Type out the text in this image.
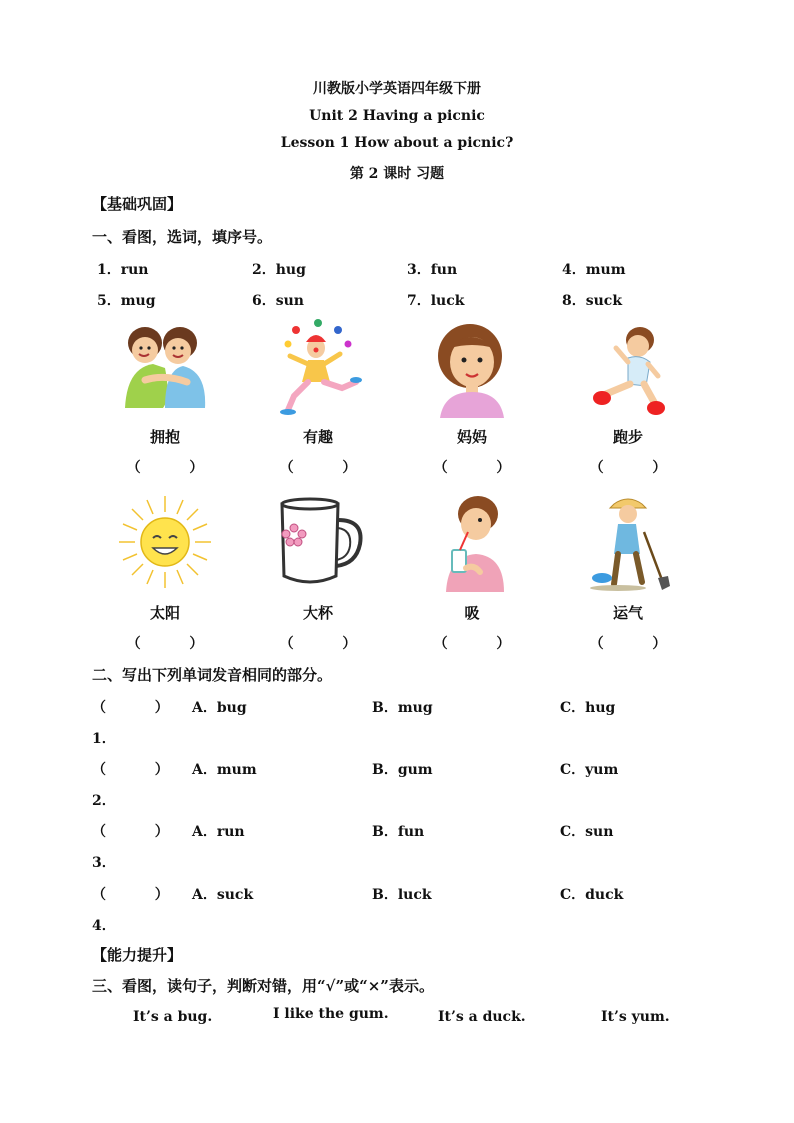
川教版小学英语四年级下册
Unit 2 Having a picnic
Lesson 1 How about a picnic?
第 2 课时 习题
【基础巩固】
一、看图，选词，填序号。
1．run	2．hug	3．fun	4．mum
5．mug	6．sun	7．luck	8．suck
拥抱	有趣	妈妈	跑步
（          ）	（          ）	（          ）	（          ）
太阳	大杯	吸	运气
（          ）	（          ）	（          ）	（          ）
二、写出下列单词发音相同的部分。
（          ） A．bug	B．mug	C．hug
1．
（          ） A．mum	B．gum	C．yum
2．
（          ） A．run	B．fun	C．sun
3．
（          ） A．suck	B．luck	C．duck
4．
【能力提升】
三、看图，读句子，判断对错，用“√”或“×”表示。
It’s a bug.	I like the gum.	It’s a duck.	It’s yum.
